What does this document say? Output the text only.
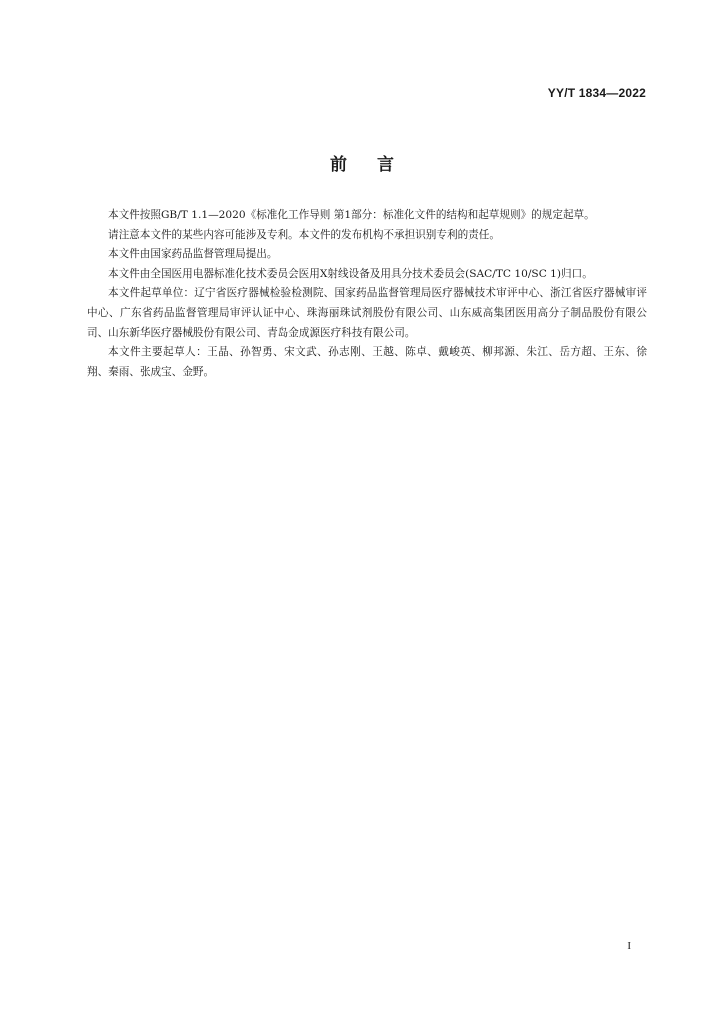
YY/T 1834—2022
前言

本文件按照GB/T 1.1—2020《标准化工作导则 第1部分：标准化文件的结构和起草规则》的规定起草。

请注意本文件的某些内容可能涉及专利。本文件的发布机构不承担识别专利的责任。

本文件由国家药品监督管理局提出。

本文件由全国医用电器标准化技术委员会医用X射线设备及用具分技术委员会(SAC/TC 10/SC 1)归口。

本文件起草单位：辽宁省医疗器械检验检测院、国家药品监督管理局医疗器械技术审评中心、浙江省医疗器械审评中心、广东省药品监督管理局审评认证中心、珠海丽珠试剂股份有限公司、山东威高集团医用高分子制品股份有限公司、山东新华医疗器械股份有限公司、青岛金成源医疗科技有限公司。

本文件主要起草人：王晶、孙智勇、宋文武、孙志刚、王越、陈卓、戴峻英、柳邦源、朱江、岳方超、王东、徐翔、秦雨、张成宝、金野。

I
